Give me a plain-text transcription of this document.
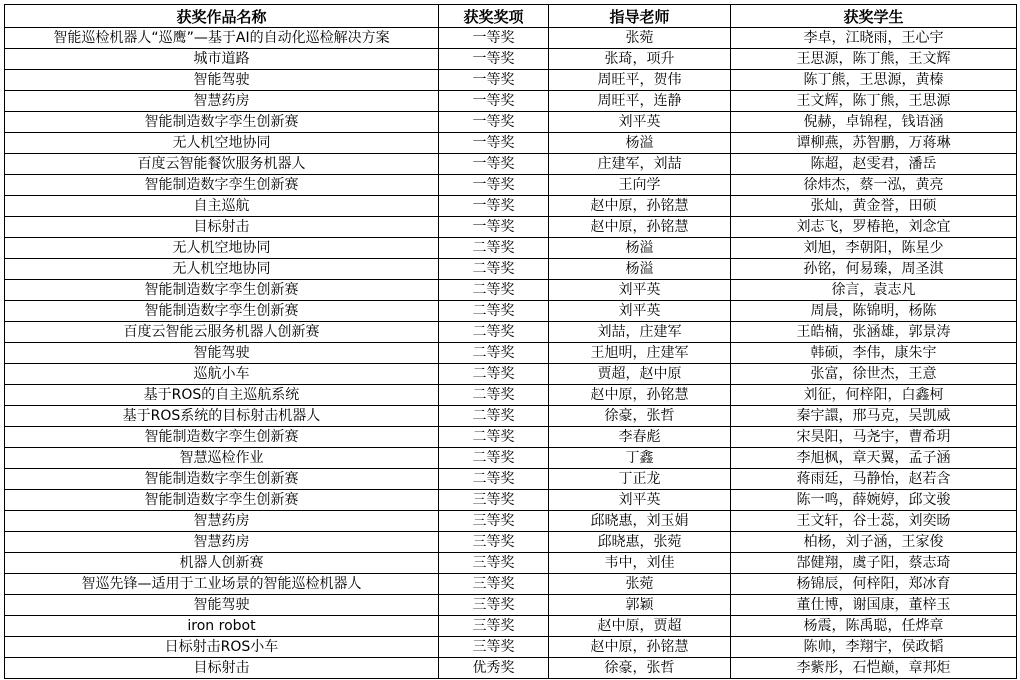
获奖作品名称	获奖奖项	指导老师	获奖学生
智能巡检机器人“巡鹰”—基于AI的自动化巡检解决方案	一等奖	张菀	李卓，江晓雨，王心宇
城市道路	一等奖	张琦，项升	王思源，陈丁熊，王文辉
智能驾驶	一等奖	周旺平，贺伟	陈丁熊，王思源，黄榛
智慧药房	一等奖	周旺平，连静	王文辉，陈丁熊，王思源
智能制造数字孪生创新赛	一等奖	刘平英	倪赫，卓锦程，钱语涵
无人机空地协同	一等奖	杨溢	谭柳燕，苏智鹏，万蒋琳
百度云智能餐饮服务机器人	一等奖	庄建军，刘喆	陈超，赵雯君，潘岳
智能制造数字孪生创新赛	一等奖	王向学	徐炜杰，蔡一泓，黄亮
自主巡航	一等奖	赵中原，孙铭慧	张灿，黄金誉，田硕
目标射击	一等奖	赵中原，孙铭慧	刘志飞，罗椿艳，刘念宜
无人机空地协同	二等奖	杨溢	刘旭，李朝阳，陈星少
无人机空地协同	二等奖	杨溢	孙铭，何易臻，周圣淇
智能制造数字孪生创新赛	二等奖	刘平英	徐言，袁志凡
智能制造数字孪生创新赛	二等奖	刘平英	周晨，陈锦明，杨陈
百度云智能云服务机器人创新赛	二等奖	刘喆，庄建军	王皓楠，张涵雄，郭景涛
智能驾驶	二等奖	王旭明，庄建军	韩硕，李伟，康朱宇
巡航小车	二等奖	贾超，赵中原	张富，徐世杰，王意
基于ROS的自主巡航系统	二等奖	赵中原，孙铭慧	刘征，何梓阳，白鑫柯
基于ROS系统的目标射击机器人	二等奖	徐豪，张哲	秦宇譞，邢马克，吴凯威
智能制造数字孪生创新赛	二等奖	李春彪	宋昊阳，马尧宇，曹希玥
智慧巡检作业	二等奖	丁鑫	李旭枫，章天翼，孟子涵
智能制造数字孪生创新赛	二等奖	丁正龙	蒋雨廷，马静怡，赵若含
智能制造数字孪生创新赛	三等奖	刘平英	陈一鸣，薛婉婷，邱文骏
智慧药房	三等奖	邱晓惠，刘玉娟	王文轩，谷士蕊，刘奕旸
智慧药房	三等奖	邱晓惠，张菀	柏杨，刘子涵，王家俊
机器人创新赛	三等奖	韦中，刘佳	郜健翔，虞子阳，蔡志琦
智巡先锋—适用于工业场景的智能巡检机器人	三等奖	张菀	杨锦辰，何梓阳，郑冰育
智能驾驶	三等奖	郭颖	董仕博，谢国康，董梓玉
iron robot	三等奖	赵中原，贾超	杨震，陈禹聪，任烨章
日标射击ROS小车	三等奖	赵中原，孙铭慧	陈帅，李翔宇，侯政韬
目标射击	优秀奖	徐豪，张哲	李紫彤，石恺巅，章邦炬
